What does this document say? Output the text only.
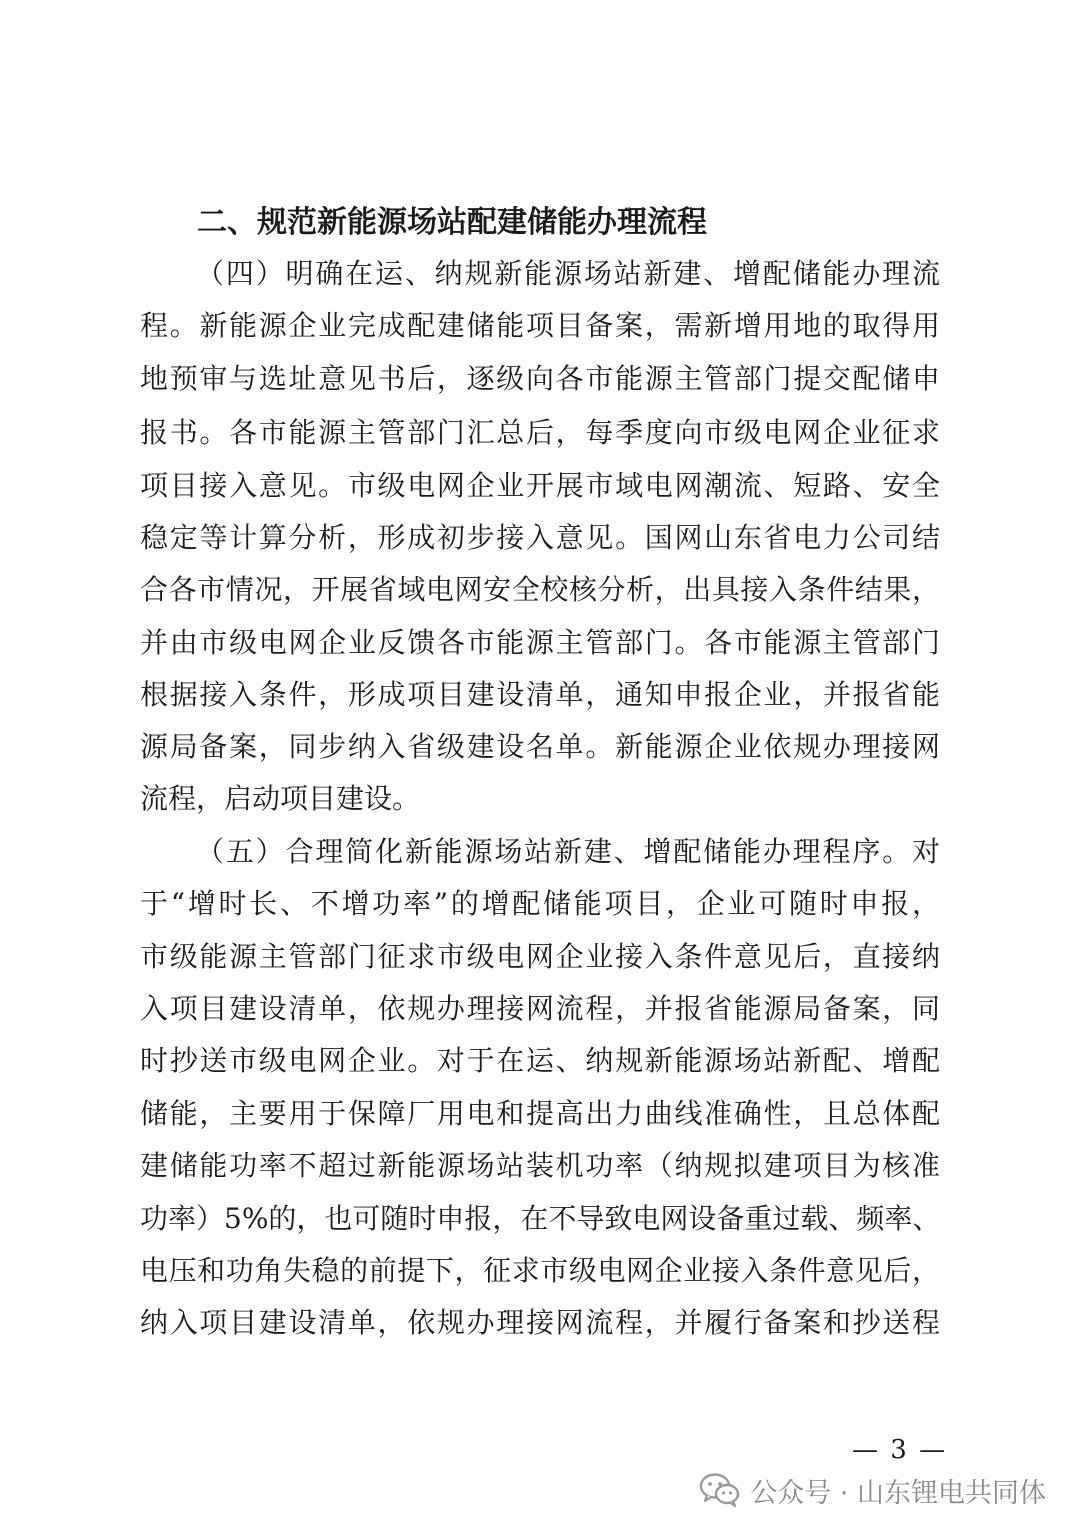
二、规范新能源场站配建储能办理流程
（四）明确在运、纳规新能源场站新建、增配储能办理流
程。新能源企业完成配建储能项目备案，需新增用地的取得用
地预审与选址意见书后，逐级向各市能源主管部门提交配储申
报书。各市能源主管部门汇总后，每季度向市级电网企业征求
项目接入意见。市级电网企业开展市域电网潮流、短路、安全
稳定等计算分析，形成初步接入意见。国网山东省电力公司结
合各市情况，开展省域电网安全校核分析，出具接入条件结果，
并由市级电网企业反馈各市能源主管部门。各市能源主管部门
根据接入条件，形成项目建设清单，通知申报企业，并报省能
源局备案，同步纳入省级建设名单。新能源企业依规办理接网
流程，启动项目建设。
（五）合理简化新能源场站新建、增配储能办理程序。对
于“增时长、不增功率”的增配储能项目，企业可随时申报，
市级能源主管部门征求市级电网企业接入条件意见后，直接纳
入项目建设清单，依规办理接网流程，并报省能源局备案，同
时抄送市级电网企业。对于在运、纳规新能源场站新配、增配
储能，主要用于保障厂用电和提高出力曲线准确性，且总体配
建储能功率不超过新能源场站装机功率（纳规拟建项目为核准
功率）5%的，也可随时申报，在不导致电网设备重过载、频率、
电压和功角失稳的前提下，征求市级电网企业接入条件意见后，
纳入项目建设清单，依规办理接网流程，并履行备案和抄送程
— 3 —
公众号 · 山东锂电共同体
